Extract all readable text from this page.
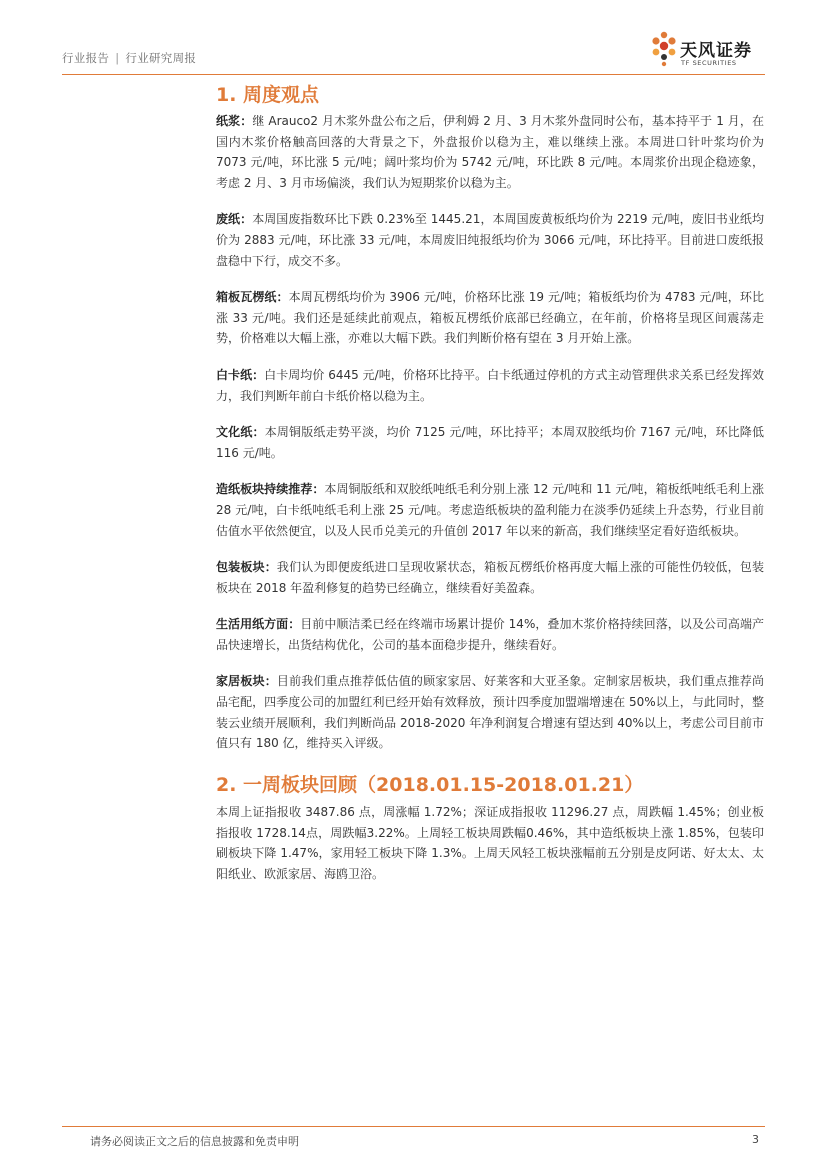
行业报告 | 行业研究周报	天风证券
TF SECURITIES
1. 周度观点

纸浆：继 Arauco2 月木浆外盘公布之后，伊利姆 2 月、3 月木浆外盘同时公布，基本持平于 1 月，在国内木浆价格触高回落的大背景之下，外盘报价以稳为主，难以继续上涨。本周进口针叶浆均价为 7073 元/吨，环比涨 5 元/吨；阔叶浆均价为 5742 元/吨，环比跌 8 元/吨。本周浆价出现企稳迹象，考虑 2 月、3 月市场偏淡，我们认为短期浆价以稳为主。

废纸：本周国废指数环比下跌 0.23%至 1445.21，本周国废黄板纸均价为 2219 元/吨，废旧书业纸均价为 2883 元/吨，环比涨 33 元/吨，本周废旧纯报纸均价为 3066 元/吨，环比持平。目前进口废纸报盘稳中下行，成交不多。

箱板瓦楞纸：本周瓦楞纸均价为 3906 元/吨，价格环比涨 19 元/吨；箱板纸均价为 4783 元/吨，环比涨 33 元/吨。我们还是延续此前观点，箱板瓦楞纸价底部已经确立，在年前，价格将呈现区间震荡走势，价格难以大幅上涨，亦难以大幅下跌。我们判断价格有望在 3 月开始上涨。

白卡纸：白卡周均价 6445 元/吨，价格环比持平。白卡纸通过停机的方式主动管理供求关系已经发挥效力，我们判断年前白卡纸价格以稳为主。

文化纸：本周铜版纸走势平淡，均价 7125 元/吨，环比持平；本周双胶纸均价 7167 元/吨，环比降低 116 元/吨。

造纸板块持续推荐：本周铜版纸和双胶纸吨纸毛利分别上涨 12 元/吨和 11 元/吨，箱板纸吨纸毛利上涨 28 元/吨，白卡纸吨纸毛利上涨 25 元/吨。考虑造纸板块的盈利能力在淡季仍延续上升态势，行业目前估值水平依然便宜，以及人民币兑美元的升值创 2017 年以来的新高，我们继续坚定看好造纸板块。

包装板块：我们认为即便废纸进口呈现收紧状态，箱板瓦楞纸价格再度大幅上涨的可能性仍较低，包装板块在 2018 年盈利修复的趋势已经确立，继续看好美盈森。

生活用纸方面：目前中顺洁柔已经在终端市场累计提价 14%，叠加木浆价格持续回落，以及公司高端产品快速增长，出货结构优化，公司的基本面稳步提升，继续看好。

家居板块：目前我们重点推荐低估值的顾家家居、好莱客和大亚圣象。定制家居板块，我们重点推荐尚品宅配，四季度公司的加盟红利已经开始有效释放，预计四季度加盟端增速在 50%以上，与此同时，整装云业绩开展顺利，我们判断尚品 2018-2020 年净利润复合增速有望达到 40%以上，考虑公司目前市值只有 180 亿，维持买入评级。

2. 一周板块回顾（2018.01.15-2018.01.21）

本周上证指报收 3487.86 点，周涨幅 1.72%；深证成指报收 11296.27 点，周跌幅 1.45%；创业板指报收 1728.14点，周跌幅3.22%。上周轻工板块周跌幅0.46%，其中造纸板块上涨 1.85%，包装印刷板块下降 1.47%，家用轻工板块下降 1.3%。上周天风轻工板块涨幅前五分别是皮阿诺、好太太、太阳纸业、欧派家居、海鸥卫浴。

请务必阅读正文之后的信息披露和免责申明	3
